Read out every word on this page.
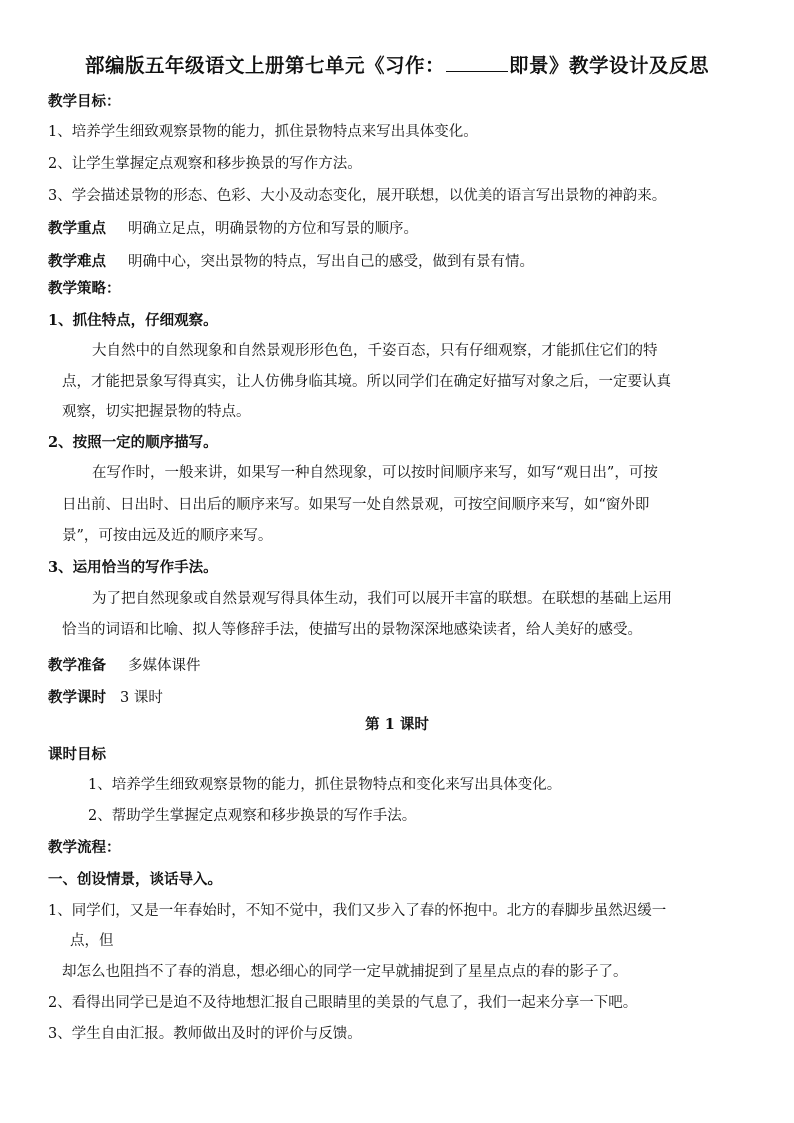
部编版五年级语文上册第七单元《习作：	即景》教学设计及反思
教学目标：
1、培养学生细致观察景物的能力，抓住景物特点来写出具体变化。
2、让学生掌握定点观察和移步换景的写作方法。
3、学会描述景物的形态、色彩、大小及动态变化，展开联想，以优美的语言写出景物的神韵来。
教学重点 明确立足点，明确景物的方位和写景的顺序。
教学难点 明确中心，突出景物的特点，写出自己的感受，做到有景有情。
教学策略：
1、抓住特点，仔细观察。
大自然中的自然现象和自然景观形形色色，千姿百态，只有仔细观察，才能抓住它们的特
点，才能把景象写得真实，让人仿佛身临其境。所以同学们在确定好描写对象之后，一定要认真
观察，切实把握景物的特点。
2、按照一定的顺序描写。
在写作时，一般来讲，如果写一种自然现象，可以按时间顺序来写，如写“观日出”，可按
日出前、日出时、日出后的顺序来写。如果写一处自然景观，可按空间顺序来写，如“窗外即
景”，可按由远及近的顺序来写。
3、运用恰当的写作手法。
为了把自然现象或自然景观写得具体生动，我们可以展开丰富的联想。在联想的基础上运用
恰当的词语和比喻、拟人等修辞手法，使描写出的景物深深地感染读者，给人美好的感受。
教学准备 多媒体课件
教学课时 3 课时
第 1 课时
课时目标
1、培养学生细致观察景物的能力，抓住景物特点和变化来写出具体变化。
2、帮助学生掌握定点观察和移步换景的写作手法。
教学流程：
一、创设情景，谈话导入。
1、同学们，又是一年春始时，不知不觉中，我们又步入了春的怀抱中。北方的春脚步虽然迟缓一
点，但
却怎么也阻挡不了春的消息，想必细心的同学一定早就捕捉到了星星点点的春的影子了。
2、看得出同学已是迫不及待地想汇报自己眼睛里的美景的气息了，我们一起来分享一下吧。
3、学生自由汇报。教师做出及时的评价与反馈。
